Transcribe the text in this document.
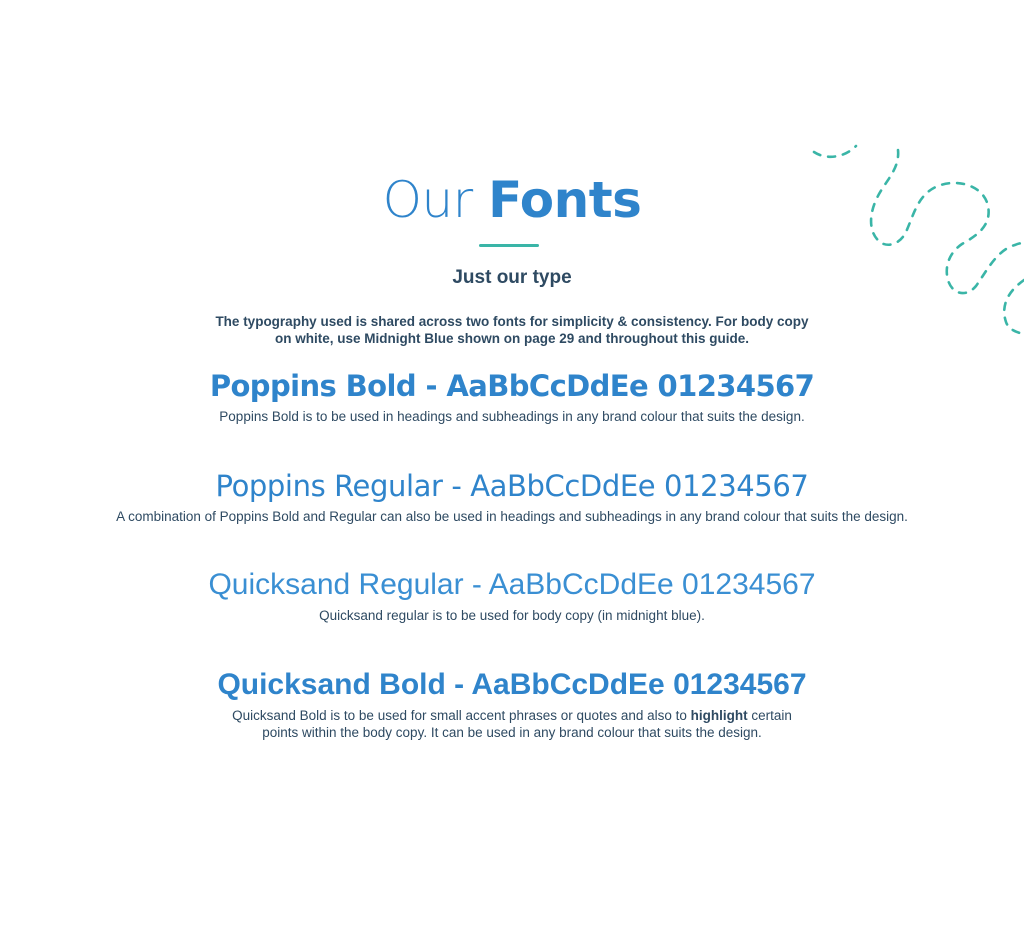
Our Fonts
Just our type
The typography used is shared across two fonts for simplicity & consistency. For body copy
on white, use Midnight Blue shown on page 29 and throughout this guide.
Poppins Bold - AaBbCcDdEe 01234567
Poppins Bold is to be used in headings and subheadings in any brand colour that suits the design.
Poppins Regular - AaBbCcDdEe 01234567
A combination of Poppins Bold and Regular can also be used in headings and subheadings in any brand colour that suits the design.
Quicksand Regular - AaBbCcDdEe 01234567
Quicksand regular is to be used for body copy (in midnight blue).
Quicksand Bold - AaBbCcDdEe 01234567
Quicksand Bold is to be used for small accent phrases or quotes and also to highlight certain
points within the body copy. It can be used in any brand colour that suits the design.
